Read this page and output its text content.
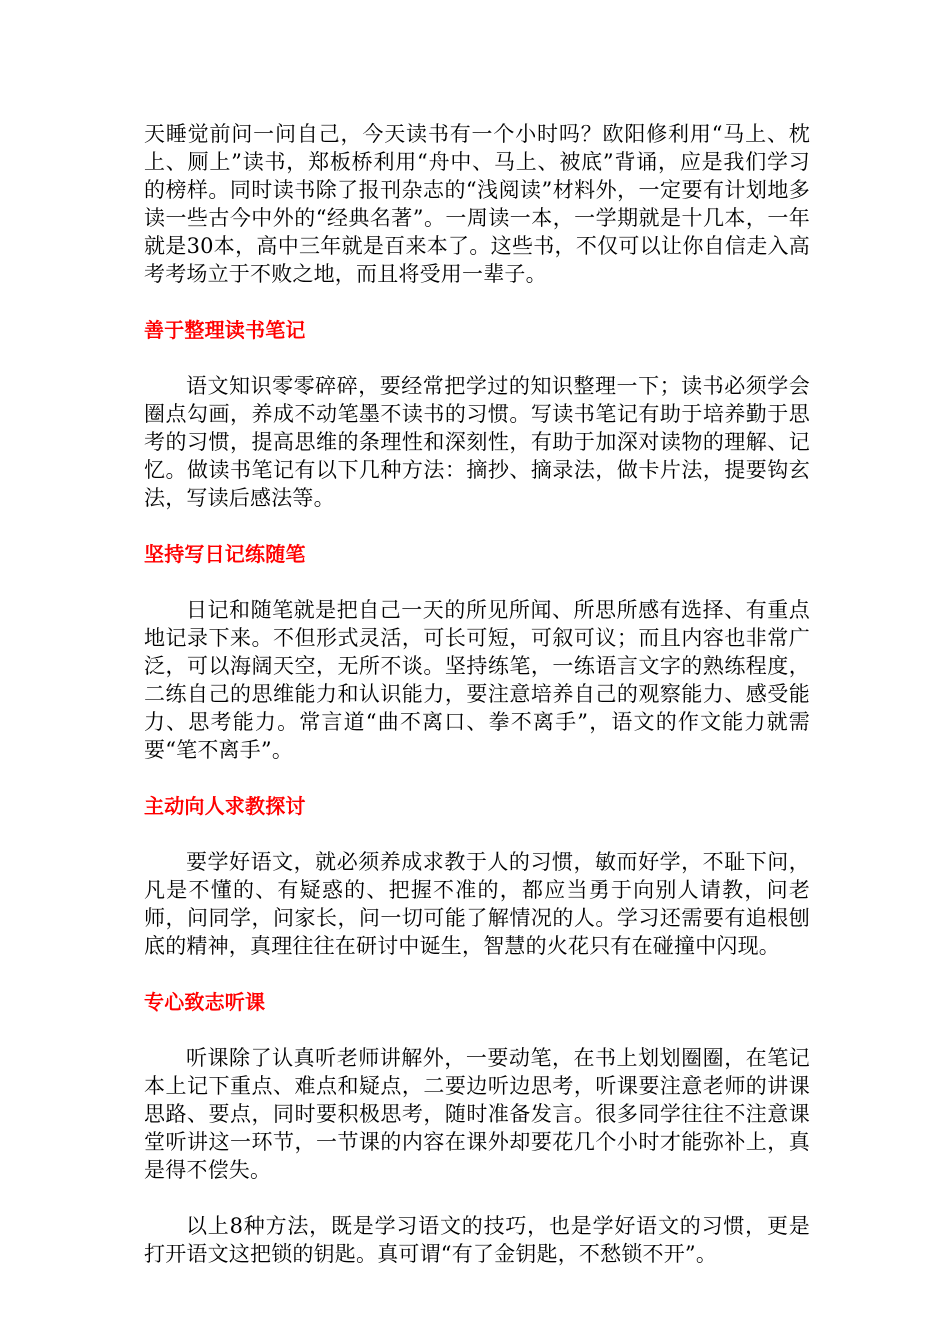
天睡觉前问一问自己，今天读书有一个小时吗？欧阳修利用“马上、枕上、厕上”读书，郑板桥利用“舟中、马上、被底”背诵，应是我们学习的榜样。同时读书除了报刊杂志的“浅阅读”材料外，一定要有计划地多读一些古今中外的“经典名著”。一周读一本，一学期就是十几本，一年就是30本，高中三年就是百来本了。这些书，不仅可以让你自信走入高考考场立于不败之地，而且将受用一辈子。

善于整理读书笔记

语文知识零零碎碎，要经常把学过的知识整理一下；读书必须学会圈点勾画，养成不动笔墨不读书的习惯。写读书笔记有助于培养勤于思考的习惯，提高思维的条理性和深刻性，有助于加深对读物的理解、记忆。做读书笔记有以下几种方法：摘抄、摘录法，做卡片法，提要钩玄法，写读后感法等。

坚持写日记练随笔

日记和随笔就是把自己一天的所见所闻、所思所感有选择、有重点地记录下来。不但形式灵活，可长可短，可叙可议；而且内容也非常广泛，可以海阔天空，无所不谈。坚持练笔，一练语言文字的熟练程度，二练自己的思维能力和认识能力，要注意培养自己的观察能力、感受能力、思考能力。常言道“曲不离口、拳不离手”，语文的作文能力就需要“笔不离手”。

主动向人求教探讨

要学好语文，就必须养成求教于人的习惯，敏而好学，不耻下问，凡是不懂的、有疑惑的、把握不准的，都应当勇于向别人请教，问老师，问同学，问家长，问一切可能了解情况的人。学习还需要有追根刨底的精神，真理往往在研讨中诞生，智慧的火花只有在碰撞中闪现。

专心致志听课

听课除了认真听老师讲解外，一要动笔，在书上划划圈圈，在笔记本上记下重点、难点和疑点，二要边听边思考，听课要注意老师的讲课思路、要点，同时要积极思考，随时准备发言。很多同学往往不注意课堂听讲这一环节，一节课的内容在课外却要花几个小时才能弥补上，真是得不偿失。

以上8种方法，既是学习语文的技巧，也是学好语文的习惯，更是打开语文这把锁的钥匙。真可谓“有了金钥匙，不愁锁不开”。
